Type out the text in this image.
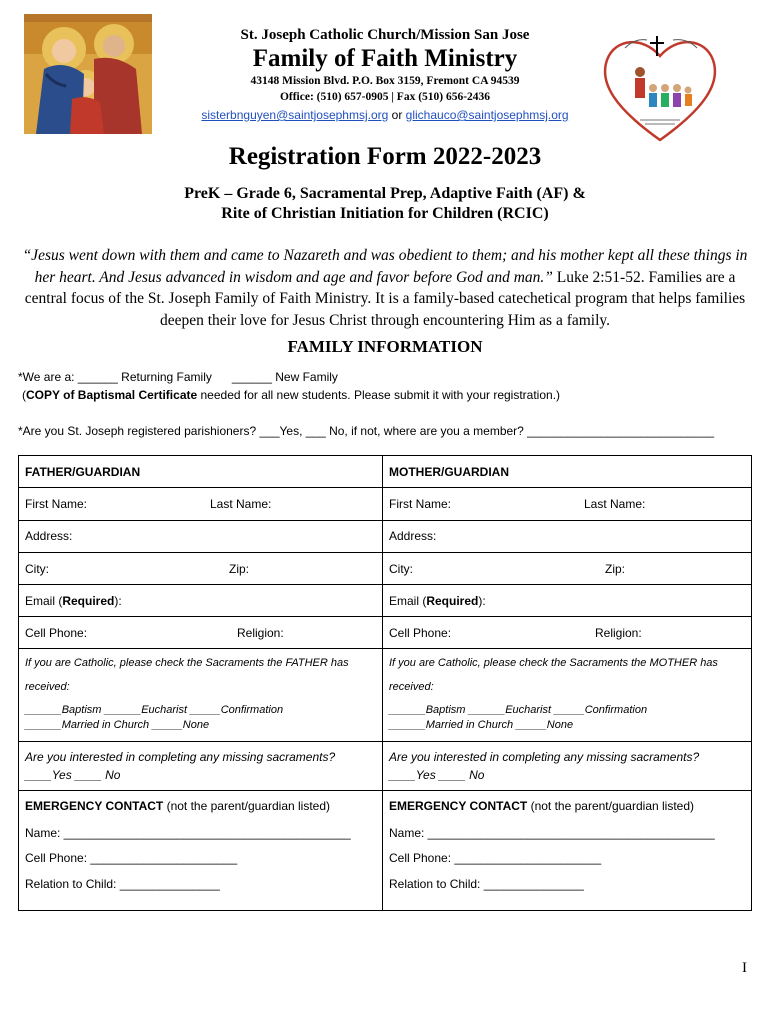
St. Joseph Catholic Church/Mission San Jose
Family of Faith Ministry
43148 Mission Blvd. P.O. Box 3159, Fremont CA 94539
Office: (510) 657-0905 | Fax (510) 656-2436
sisterbnguyen@saintjosephmsj.org or glichauco@saintjosephmsj.org
Registration Form 2022-2023
PreK – Grade 6, Sacramental Prep, Adaptive Faith (AF) &
Rite of Christian Initiation for Children (RCIC)
“Jesus went down with them and came to Nazareth and was obedient to them; and his mother kept all these things in her heart. And Jesus advanced in wisdom and age and favor before God and man.” Luke 2:51-52. Families are a central focus of the St. Joseph Family of Faith Ministry. It is a family-based catechetical program that helps families deepen their love for Jesus Christ through encountering Him as a family.
FAMILY INFORMATION
*We are a: ______ Returning Family      ______ New Family
(COPY of Baptismal Certificate needed for all new students. Please submit it with your registration.)
*Are you St. Joseph registered parishioners? ___Yes, ___ No, if not, where are you a member? ____________________________
FATHER/GUARDIAN	MOTHER/GUARDIAN
First Name:	Last Name:	First Name:	Last Name:
Address:	Address:
City:	Zip:	City:	Zip:
Email (Required):	Email (Required):
Cell Phone:	Religion:	Cell Phone:	Religion:
If you are Catholic, please check the Sacraments the FATHER has
received:
______Baptism ______Eucharist _____Confirmation
______Married in Church _____None
If you are Catholic, please check the Sacraments the MOTHER has
received:
______Baptism ______Eucharist _____Confirmation
______Married in Church _____None
Are you interested in completing any missing sacraments?
____Yes ____ No
Are you interested in completing any missing sacraments?
____Yes ____ No
EMERGENCY CONTACT (not the parent/guardian listed)	EMERGENCY CONTACT (not the parent/guardian listed)
Name: ___________________________________________
Cell Phone: ______________________
Relation to Child: _______________
Name: ___________________________________________
Cell Phone: ______________________
Relation to Child: _______________
I
